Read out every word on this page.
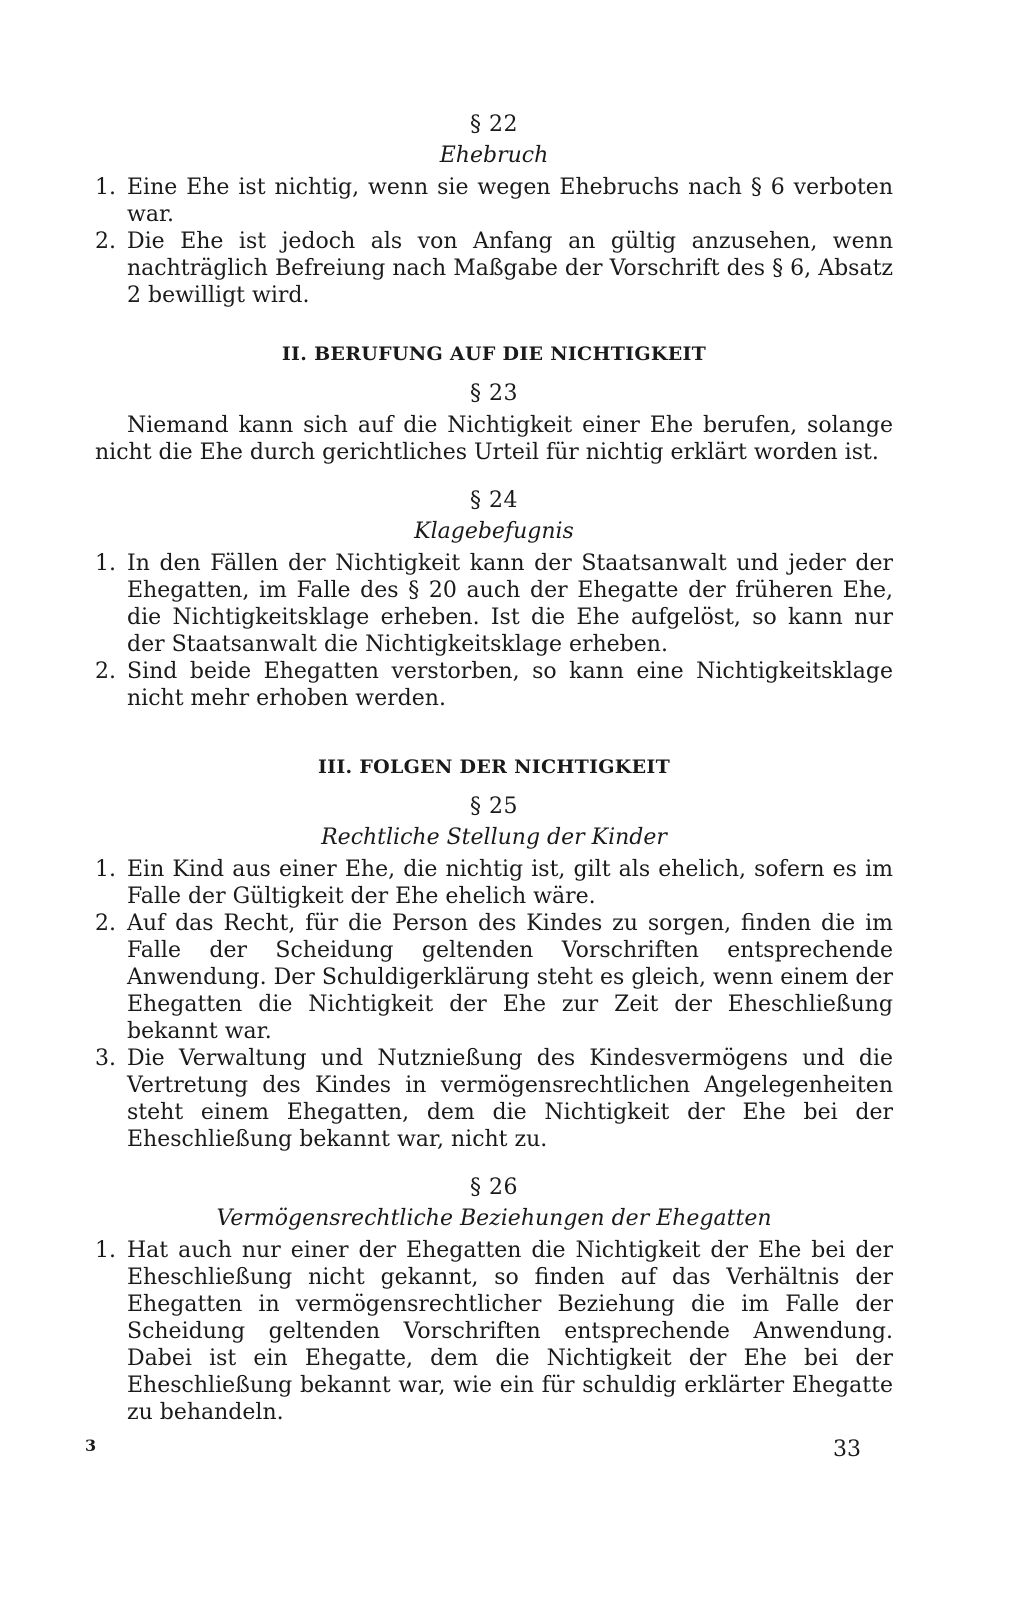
§ 22
Ehebruch
1. Eine Ehe ist nichtig, wenn sie wegen Ehebruchs nach § 6 verboten war.
2. Die Ehe ist jedoch als von Anfang an gültig anzusehen, wenn nachträglich Befreiung nach Maßgabe der Vorschrift des § 6, Absatz 2 bewilligt wird.
II. BERUFUNG AUF DIE NICHTIGKEIT
§ 23

Niemand kann sich auf die Nichtigkeit einer Ehe berufen, solange nicht die Ehe durch gerichtliches Urteil für nichtig erklärt worden ist.

§ 24
Klagebefugnis
1. In den Fällen der Nichtigkeit kann der Staatsanwalt und jeder der Ehegatten, im Falle des § 20 auch der Ehegatte der früheren Ehe, die Nichtigkeitsklage erheben. Ist die Ehe aufgelöst, so kann nur der Staatsanwalt die Nichtigkeitsklage erheben.
2. Sind beide Ehegatten verstorben, so kann eine Nichtigkeitsklage nicht mehr erhoben werden.
III. FOLGEN DER NICHTIGKEIT
§ 25
Rechtliche Stellung der Kinder
1. Ein Kind aus einer Ehe, die nichtig ist, gilt als ehelich, sofern es im Falle der Gültigkeit der Ehe ehelich wäre.
2. Auf das Recht, für die Person des Kindes zu sorgen, finden die im Falle der Scheidung geltenden Vorschriften entsprechende Anwendung. Der Schuldigerklärung steht es gleich, wenn einem der Ehegatten die Nichtigkeit der Ehe zur Zeit der Eheschließung bekannt war.
3. Die Verwaltung und Nutznießung des Kindesvermögens und die Vertretung des Kindes in vermögensrechtlichen Angelegenheiten steht einem Ehegatten, dem die Nichtigkeit der Ehe bei der Eheschließung bekannt war, nicht zu.
§ 26
Vermögensrechtliche Beziehungen der Ehegatten
1. Hat auch nur einer der Ehegatten die Nichtigkeit der Ehe bei der Eheschließung nicht gekannt, so finden auf das Verhältnis der Ehegatten in vermögensrechtlicher Beziehung die im Falle der Scheidung geltenden Vorschriften entsprechende Anwendung. Dabei ist ein Ehegatte, dem die Nichtigkeit der Ehe bei der Eheschließung bekannt war, wie ein für schuldig erklärter Ehegatte zu behandeln.
3	33
